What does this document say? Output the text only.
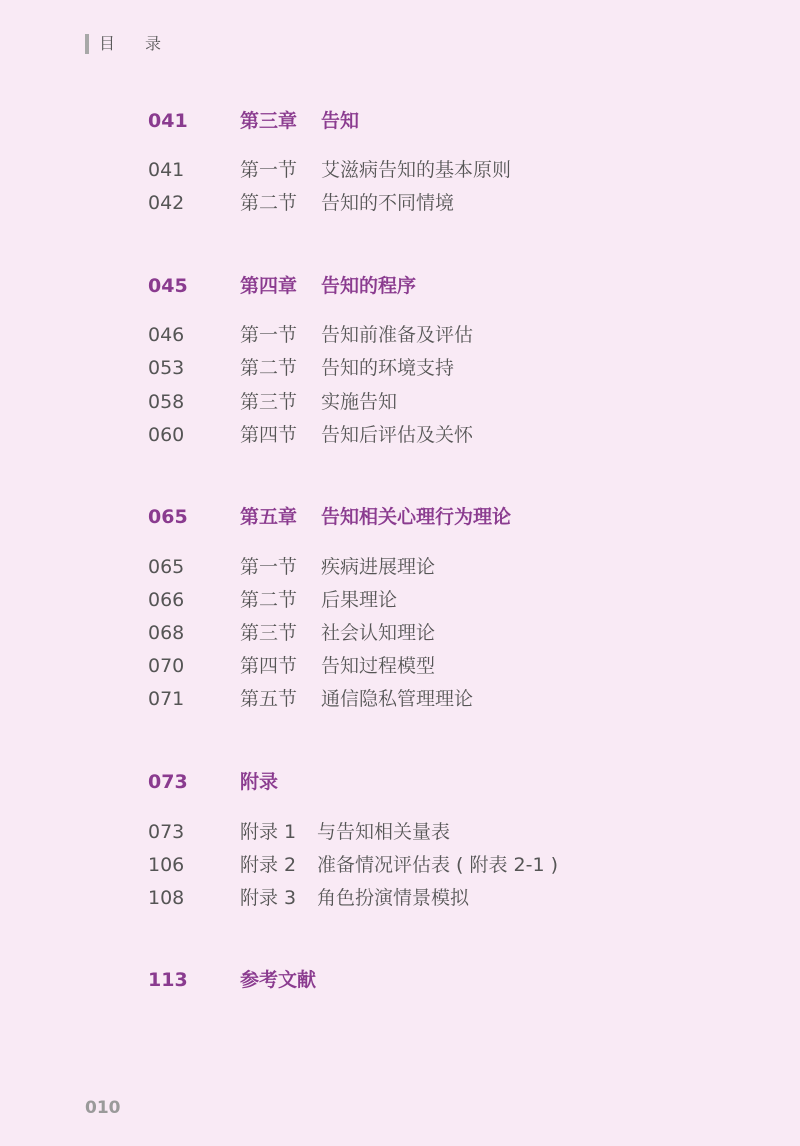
目录
041	第三章 告知
041	第一节 艾滋病告知的基本原则
042	第二节 告知的不同情境
045	第四章 告知的程序
046	第一节 告知前准备及评估
053	第二节 告知的环境支持
058	第三节 实施告知
060	第四节 告知后评估及关怀
065	第五章 告知相关心理行为理论
065	第一节 疾病进展理论
066	第二节 后果理论
068	第三节 社会认知理论
070	第四节 告知过程模型
071	第五节 通信隐私管理理论
073	附录
073	附录 1 与告知相关量表
106	附录 2 准备情况评估表 ( 附表 2-1 )
108	附录 3 角色扮演情景模拟
113	参考文献
010
